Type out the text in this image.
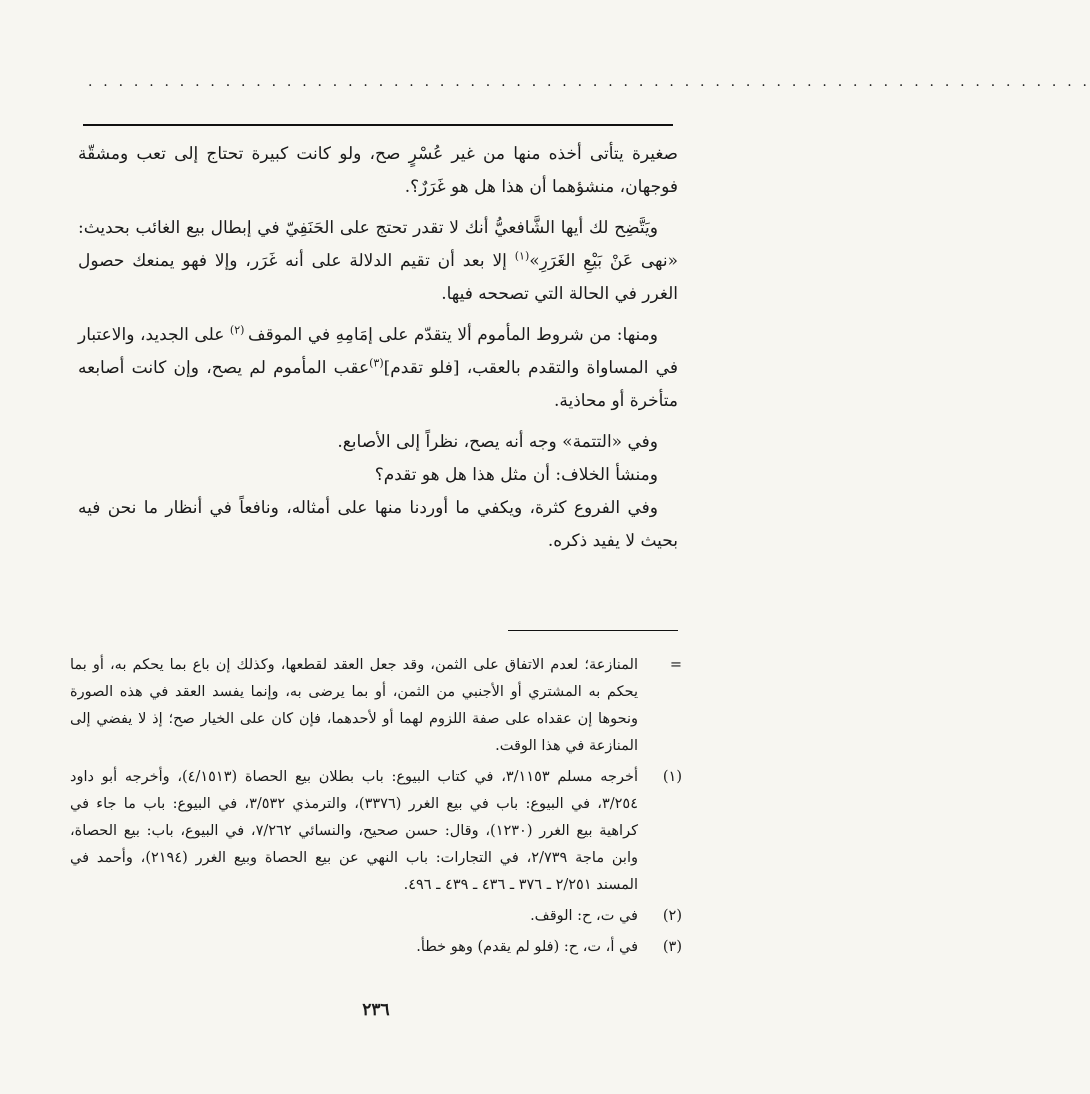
· · · · · · · · · · · · · · · · · · · · · · · · · · · · · · · · · · · · · · · · · · · · · · · · · · · · · · · · · · · · · · · · · ·

صغيرة يتأتى أخذه منها من غير عُسْرٍ صح، ولو كانت كبيرة تحتاج إلى تعب ومشقّة فوجهان، منشؤهما أن هذا هل هو غَرَرٌ؟.

ويَتَّضِح لك أيها الشَّافعيُّ أنك لا تقدر تحتج على الحَنَفِيّ في إبطال بيع الغائب بحديث: «نهى عَنْ بَيْعِ الغَرَرِ»$^{(١)}$ إلا بعد أن تقيم الدلالة على أنه غَرَر، وإلا فهو يمنعك حصول الغرر في الحالة التي تصححه فيها.

ومنها: من شروط المأموم ألا يتقدّم على إمَامِهِ في الموقف $^{(٢)}$ على الجديد، والاعتبار في المساواة والتقدم بالعقب، [فلو تقدم]$^{(٣)}$عقب المأموم لم يصح، وإن كانت أصابعه متأخرة أو محاذية.

وفي «التتمة» وجه أنه يصح، نظراً إلى الأصابع.

ومنشأ الخلاف: أن مثل هذا هل هو تقدم؟

وفي الفروع كثرة، ويكفي ما أوردنا منها على أمثاله، ونافعاً في أنظار ما نحن فيه بحيث لا يفيد ذكره.

=
المنازعة؛ لعدم الاتفاق على الثمن، وقد جعل العقد لقطعها، وكذلك إن باع بما يحكم به، أو بما يحكم به المشتري أو الأجنبي من الثمن، أو بما يرضى به، وإنما يفسد العقد في هذه الصورة ونحوها إن عقداه على صفة اللزوم لهما أو لأحدهما، فإن كان على الخيار صح؛ إذ لا يفضي إلى المنازعة في هذا الوقت.
(١)
أخرجه مسلم ٣/١١٥٣، في كتاب البيوع: باب بطلان بيع الحصاة (٤/١٥١٣)، وأخرجه أبو داود ٣/٢٥٤، في البيوع: باب في بيع الغرر (٣٣٧٦)، والترمذي ٣/٥٣٢، في البيوع: باب ما جاء في كراهية بيع الغرر (١٢٣٠)، وقال: حسن صحيح، والنسائي ٧/٢٦٢، في البيوع، باب: بيع الحصاة، وابن ماجة ٢/٧٣٩، في التجارات: باب النهي عن بيع الحصاة وبيع الغرر (٢١٩٤)، وأحمد في المسند ٢/٢٥١ ـ ٣٧٦ ـ ٤٣٦ ـ ٤٣٩ ـ ٤٩٦.
(٢)
في ت، ح: الوقف.
(٣)
في أ، ت، ح: (فلو لم يقدم) وهو خطأ.
٢٣٦
